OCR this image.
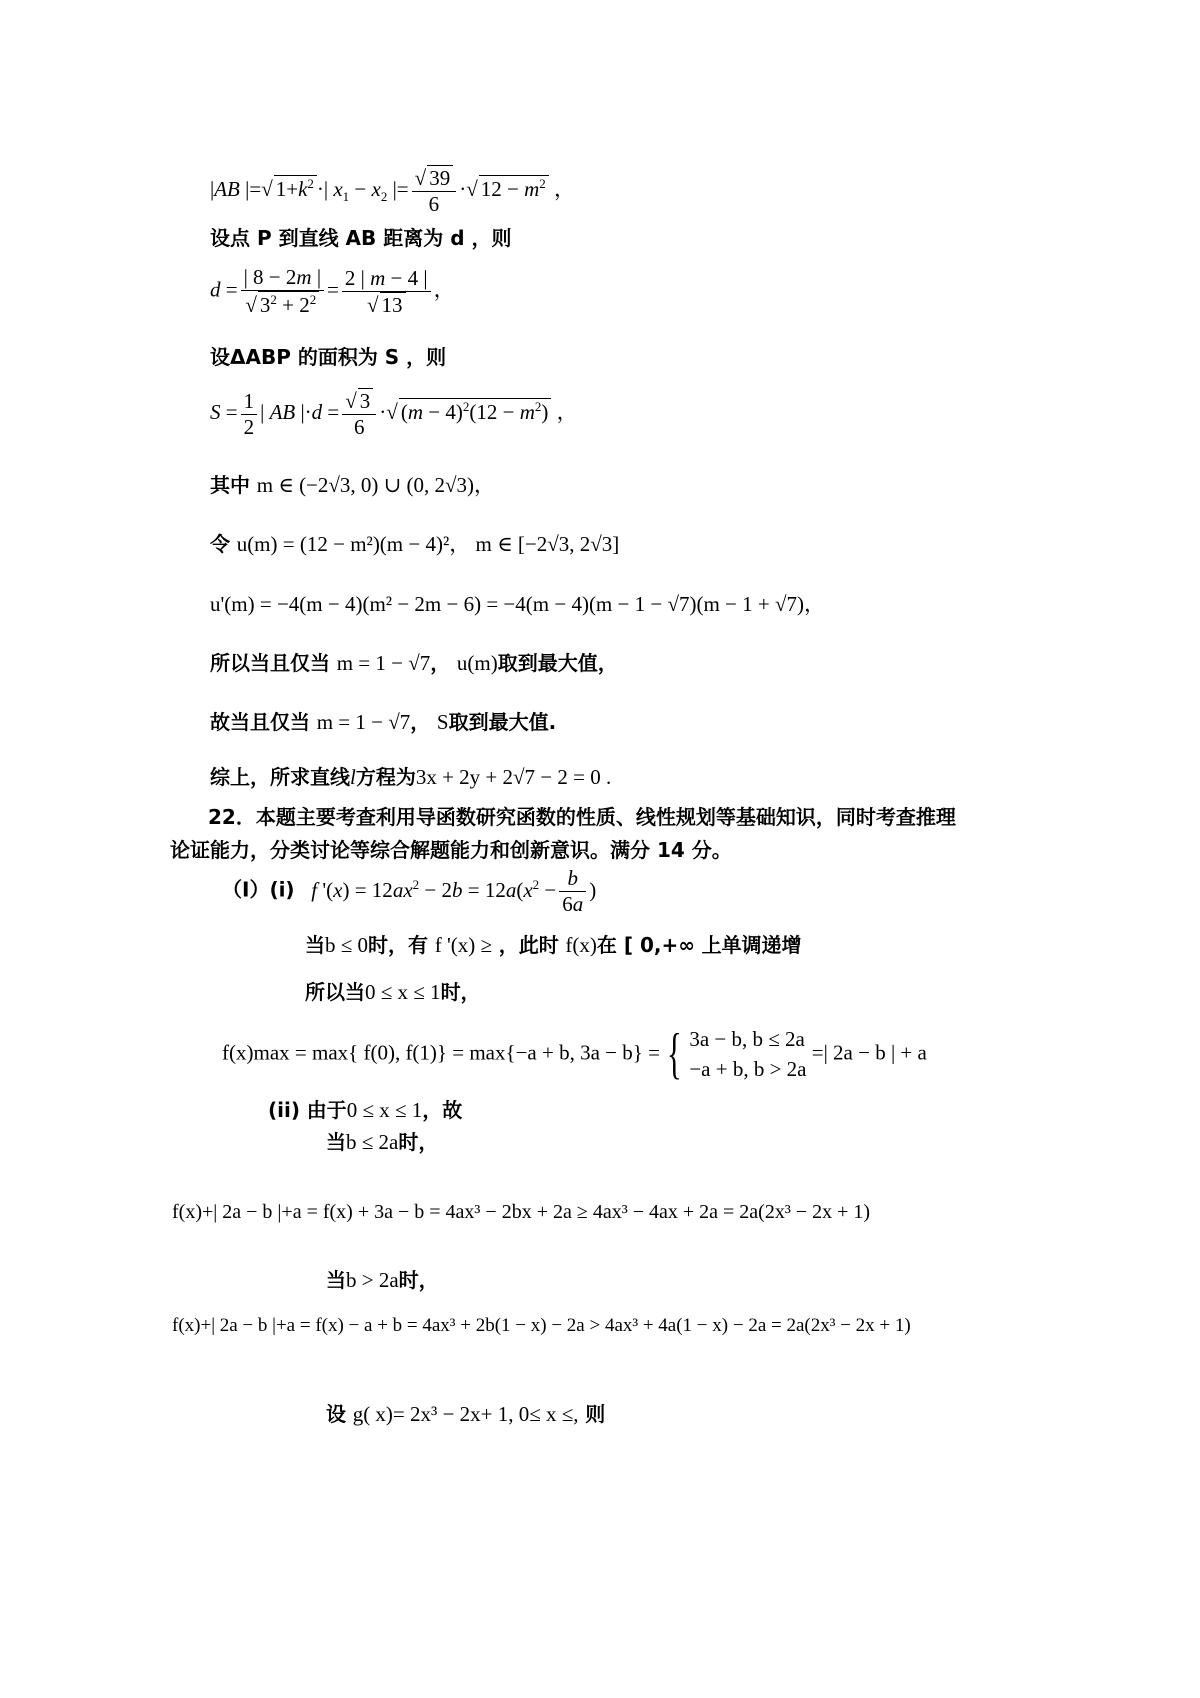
|AB |=√ $1+k^2$ ·| $x_1 - x_2$ |= $\frac{√ 39}{6}$ ·√ $12 - m^2$ ，
设点 P 到直线 AB 距离为 d ，则
$d = \frac{| 8 - 2m |}{√ 3^2 + 2^2} = \frac{2 | m - 4 |}{√ 13}$ ，
设ΔABP 的面积为 S ，则
$S = \frac{1}{2}$ | AB $|\cdot d = \frac{√ 3}{6}$ ·√ $(m - 4)^2(12 - m^2)$ ，
其中 m ∈ (−2√3, 0) ∪ (0, 2√3)，
令 u(m) = (12 − m²)(m − 4)²， m ∈ [−2√3, 2√3]
u'(m) = −4(m − 4)(m² − 2m − 6) = −4(m − 4)(m − 1 − √7)(m − 1 + √7)，
所以当且仅当 m = 1 − √7， u(m)取到最大值，
故当且仅当 m = 1 − √7， S取到最大值.
综上，所求直线l方程为3x + 2y + 2√7 − 2 = 0 .
22．本题主要考查利用导函数研究函数的性质、线性规划等基础知识，同时考查推理
论证能力，分类讨论等综合解题能力和创新意识。满分 14 分。
（Ⅰ）(i) f '$(x) = 12ax^2 - 2b = 12a(x^2 - \frac{b}{6a}$ )
当b ≤ 0时，有 f '(x) ≥ ，此时 f(x)在 [ 0,+∞ 上单调递增
所以当0 ≤ x ≤ 1时，
f(x)max = max{ f(0), f(1)} = max{−a + b, 3a − b} = { 3a − b, b ≤ 2a
−a + b, b > 2a
=| 2a − b | + a
(ii) 由于0 ≤ x ≤ 1，故
当b ≤ 2a时，
f(x)+| 2a − b |+a = f(x) + 3a − b = 4ax³ − 2bx + 2a ≥ 4ax³ − 4ax + 2a = 2a(2x³ − 2x + 1)
当b > 2a时，
f(x)+| 2a − b |+a = f(x) − a + b = 4ax³ + 2b(1 − x) − 2a > 4ax³ + 4a(1 − x) − 2a = 2a(2x³ − 2x + 1)
设 g( x)= 2x³ − 2x+ 1, 0≤ x ≤, 则
